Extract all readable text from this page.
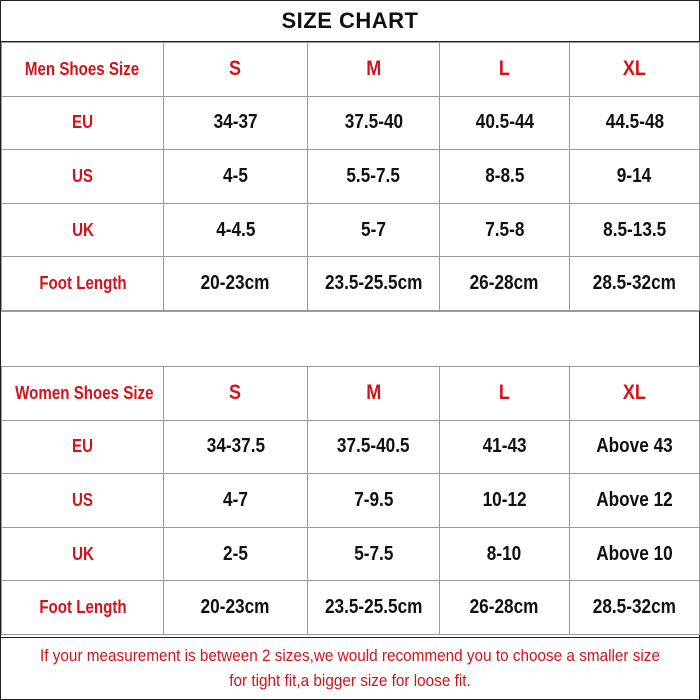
SIZE CHART
Men Shoes Size	S	M	L	XL
EU	34-37	37.5-40	40.5-44	44.5-48
US	4-5	5.5-7.5	8-8.5	9-14
UK	4-4.5	5-7	7.5-8	8.5-13.5
Foot Length	20-23cm	23.5-25.5cm	26-28cm	28.5-32cm
Women Shoes Size	S	M	L	XL
EU	34-37.5	37.5-40.5	41-43	Above 43
US	4-7	7-9.5	10-12	Above 12
UK	2-5	5-7.5	8-10	Above 10
Foot Length	20-23cm	23.5-25.5cm	26-28cm	28.5-32cm
If your measurement is between 2 sizes,we would recommend you to choose a smaller size for tight fit,a bigger size for loose fit.
